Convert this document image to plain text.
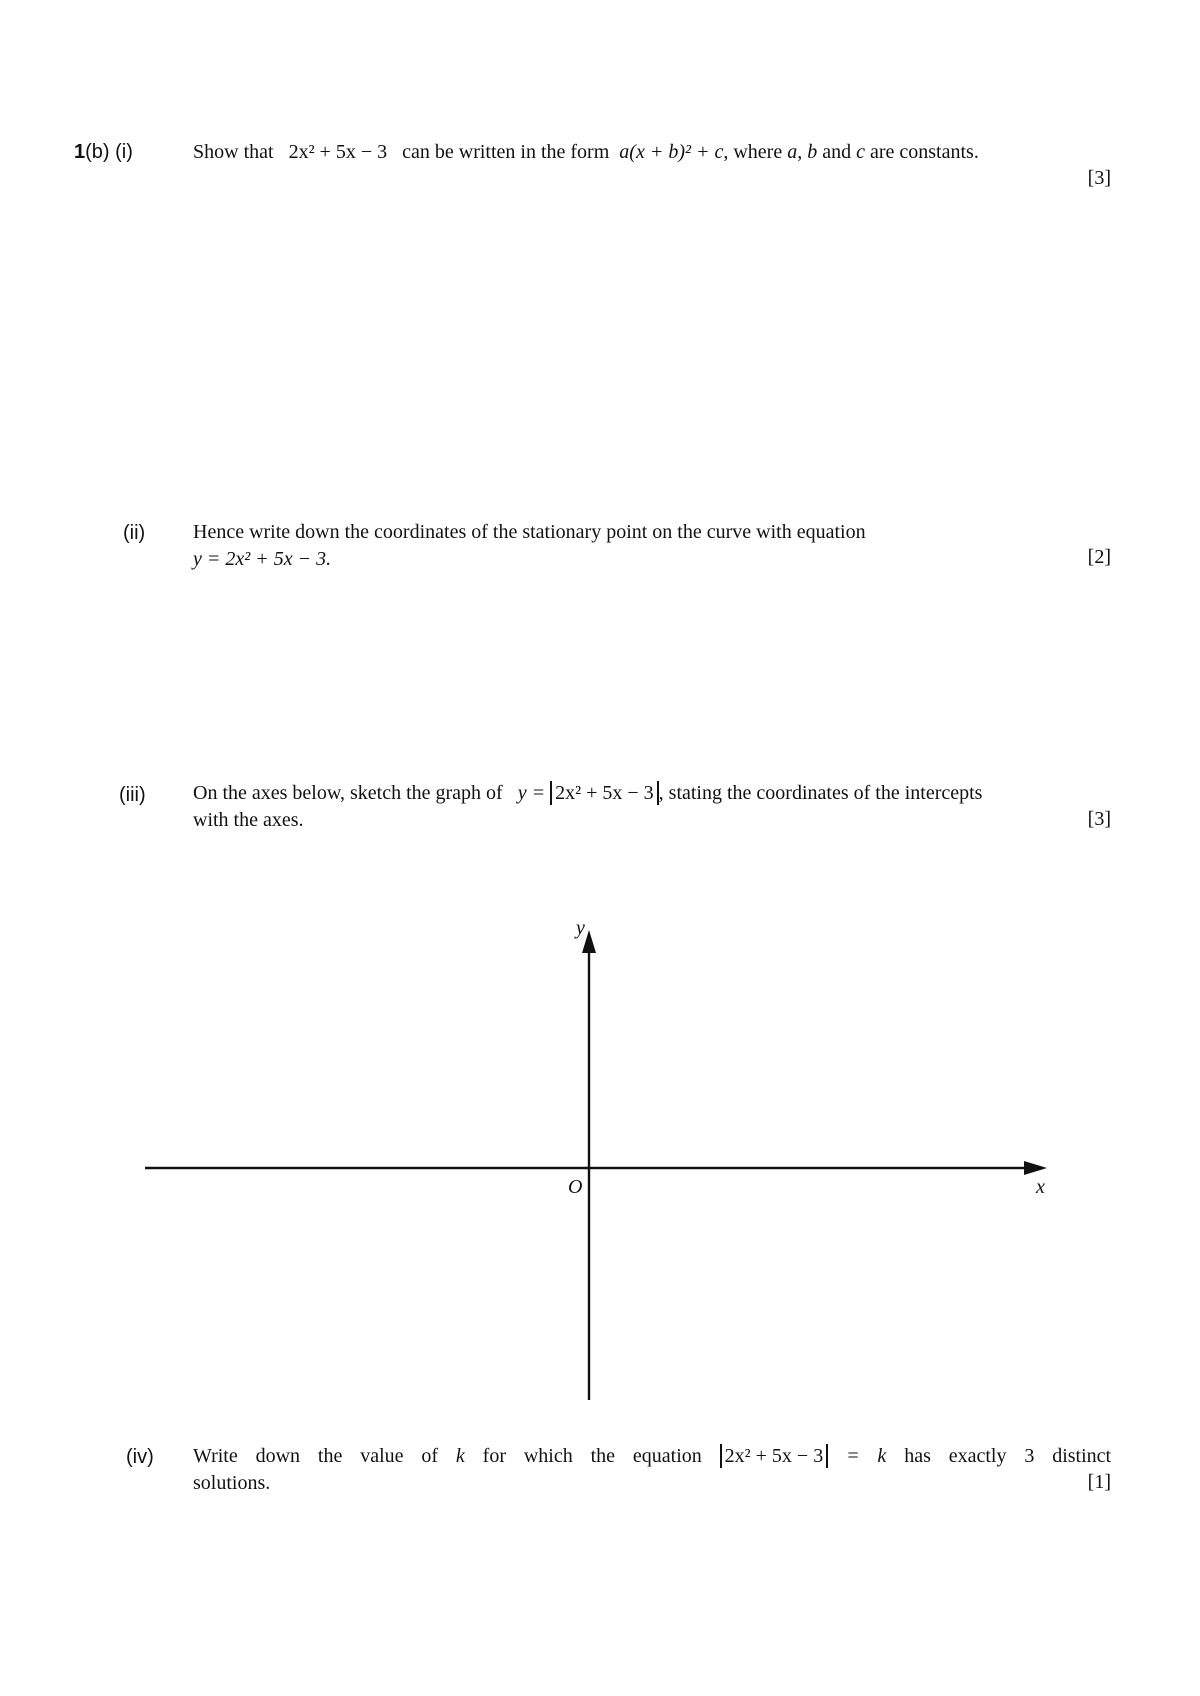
1(b) (i)	Show that 2x² + 5x − 3 can be written in the form a(x + b)² + c, where a, b and c are constants.
[3]
(ii) Hence write down the coordinates of the stationary point on the curve with equation
y = 2x² + 5x − 3.	[2]
(iii) On the axes below, sketch the graph of y = 2x² + 5x − 3 , stating the coordinates of the intercepts
with the axes.	[3]
y
x
O
(iv) Write down the value of k for which the equation 2x² + 5x − 3 = k has exactly 3 distinct
solutions.	[1]
